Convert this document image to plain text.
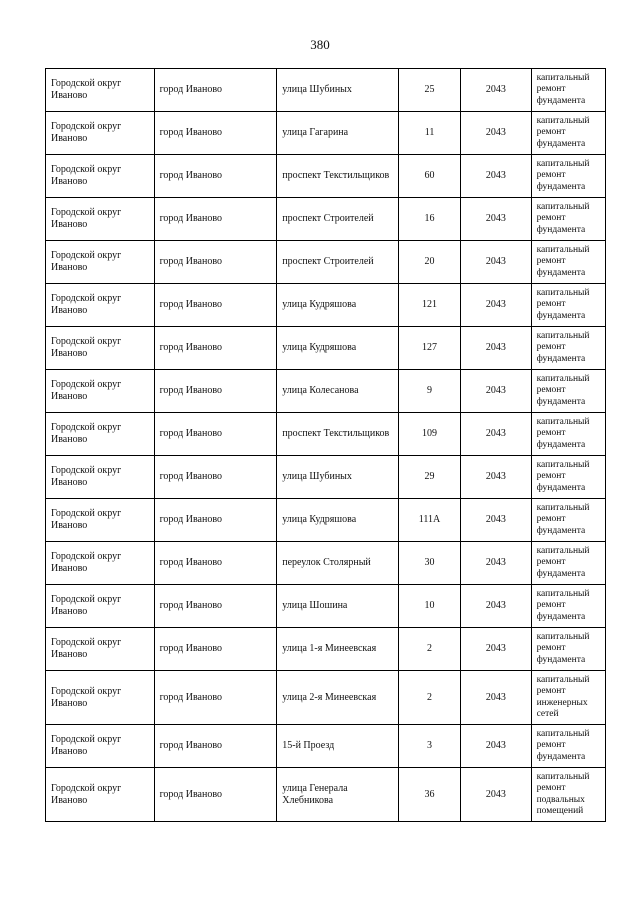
380
Городской округ Иваново	город Иваново	улица Шубиных	25	2043	капитальный ремонт фундамента
Городской округ Иваново	город Иваново	улица Гагарина	11	2043	капитальный ремонт фундамента
Городской округ Иваново	город Иваново	проспект Текстильщиков	60	2043	капитальный ремонт фундамента
Городской округ Иваново	город Иваново	проспект Строителей	16	2043	капитальный ремонт фундамента
Городской округ Иваново	город Иваново	проспект Строителей	20	2043	капитальный ремонт фундамента
Городской округ Иваново	город Иваново	улица Кудряшова	121	2043	капитальный ремонт фундамента
Городской округ Иваново	город Иваново	улица Кудряшова	127	2043	капитальный ремонт фундамента
Городской округ Иваново	город Иваново	улица Колесанова	9	2043	капитальный ремонт фундамента
Городской округ Иваново	город Иваново	проспект Текстильщиков	109	2043	капитальный ремонт фундамента
Городской округ Иваново	город Иваново	улица Шубиных	29	2043	капитальный ремонт фундамента
Городской округ Иваново	город Иваново	улица Кудряшова	111А	2043	капитальный ремонт фундамента
Городской округ Иваново	город Иваново	переулок Столярный	30	2043	капитальный ремонт фундамента
Городской округ Иваново	город Иваново	улица Шошина	10	2043	капитальный ремонт фундамента
Городской округ Иваново	город Иваново	улица 1-я Минеевская	2	2043	капитальный ремонт фундамента
Городской округ Иваново	город Иваново	улица 2-я Минеевская	2	2043	капитальный ремонт инженерных сетей
Городской округ Иваново	город Иваново	15-й Проезд	3	2043	капитальный ремонт фундамента
Городской округ Иваново	город Иваново	улица Генерала Хлебникова	36	2043	капитальный ремонт подвальных помещений
